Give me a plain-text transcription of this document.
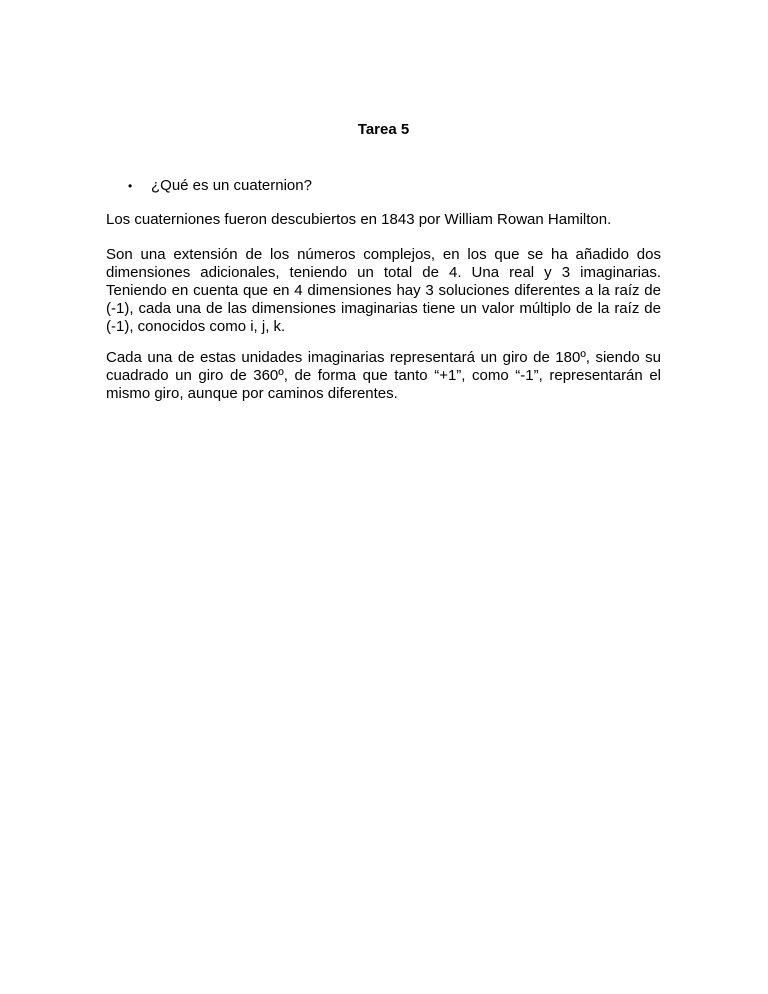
Tarea 5
• ¿Qué es un cuaternion?

Los cuaterniones fueron descubiertos en 1843 por William Rowan Hamilton.

Son una extensión de los números complejos, en los que se ha añadido dos dimensiones adicionales, teniendo un total de 4. Una real y 3 imaginarias. Teniendo en cuenta que en 4 dimensiones hay 3 soluciones diferentes a la raíz de (-1), cada una de las dimensiones imaginarias tiene un valor múltiplo de la raíz de (-1), conocidos como i, j, k.

Cada una de estas unidades imaginarias representará un giro de 180º, siendo su cuadrado un giro de 360º, de forma que tanto “+1”, como “-1”, representarán el mismo giro, aunque por caminos diferentes.
